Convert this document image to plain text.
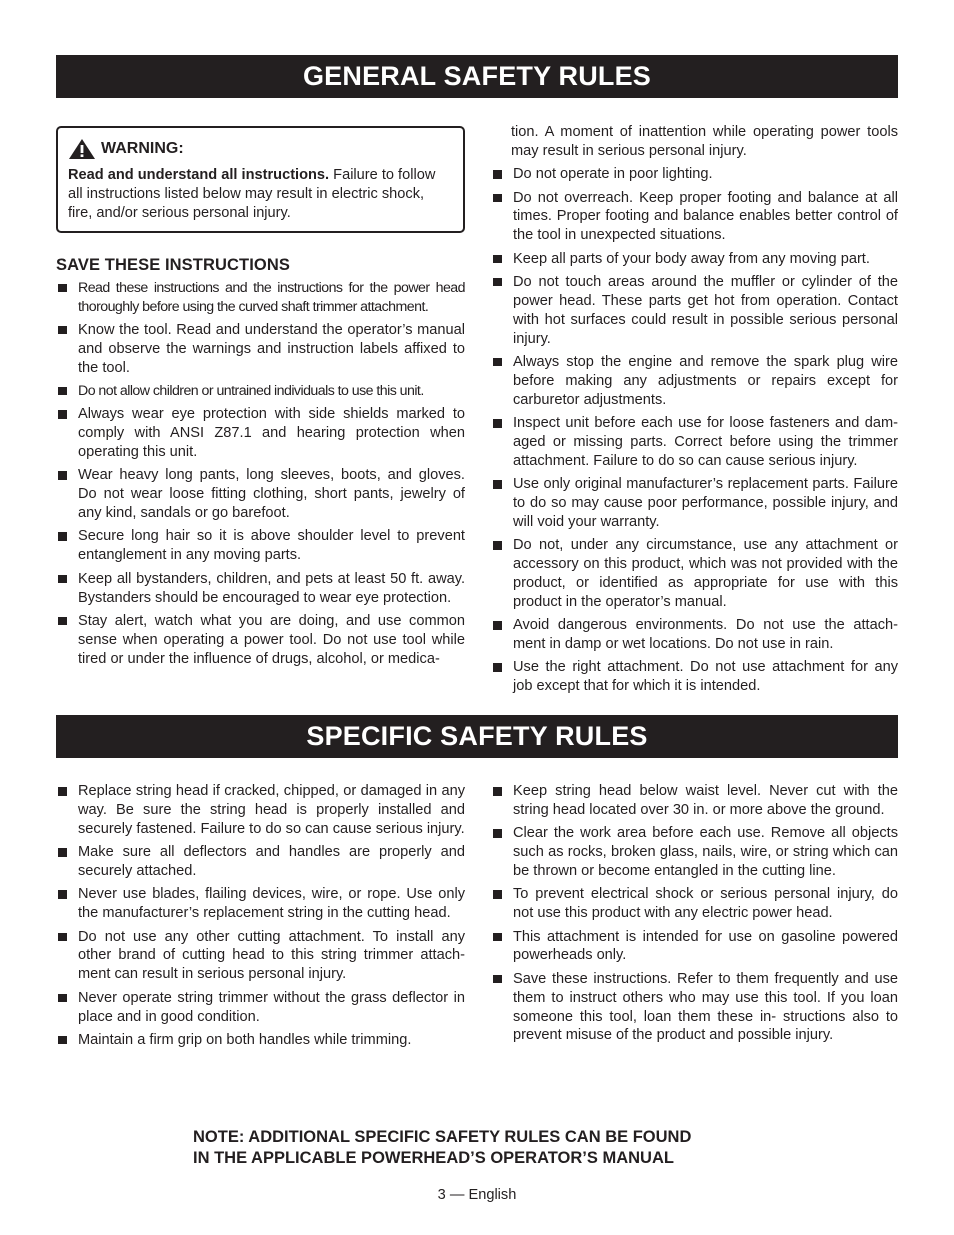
GENERAL SAFETY RULES
WARNING:
Read and understand all instructions. Failure to follow all instructions listed below may result in electric shock, fire, and/or serious personal injury.
SAVE THESE INSTRUCTIONS
Read these instructions and the instructions for the power head thoroughly before using the curved shaft trimmer attachment.
Know the tool. Read and understand the operator’s manual and observe the warnings and instruction labels affixed to the tool.
Do not allow children or untrained individuals to use this unit.
Always wear eye protection with side shields marked to comply with ANSI Z87.1 and hearing protection when operating this unit.
Wear heavy long pants, long sleeves, boots, and gloves. Do not wear loose fitting clothing, short pants, jewelry of any kind, sandals or go barefoot.
Secure long hair so it is above shoulder level to prevent entanglement in any moving parts.
Keep all bystanders, children, and pets at least 50 ft. away. Bystanders should be encouraged to wear eye protection.
Stay alert, watch what you are doing, and use common sense when operating a power tool. Do not use tool while tired or under the influence of drugs, alcohol, or medica-
tion. A moment of inattention while operating power tools may result in serious personal injury.
Do not operate in poor lighting.
Do not overreach. Keep proper footing and balance at all times. Proper footing and balance enables better control of the tool in unexpected situations.
Keep all parts of your body away from any moving part.
Do not touch areas around the muffler or cylinder of the power head. These parts get hot from operation. Contact with hot surfaces could result in possible serious personal injury.
Always stop the engine and remove the spark plug wire before making any adjustments or repairs except for carburetor adjustments.
Inspect unit before each use for loose fasteners and dam- aged or missing parts. Correct before using the trimmer attachment. Failure to do so can cause serious injury.
Use only original manufacturer’s replacement parts. Failure to do so may cause poor performance, possible injury, and will void your warranty.
Do not, under any circumstance, use any attachment or accessory on this product, which was not provided with the product, or identified as appropriate for use with this product in the operator’s manual.
Avoid dangerous environments. Do not use the attach- ment in damp or wet locations. Do not use in rain.
Use the right attachment. Do not use attachment for any job except that for which it is intended.
SPECIFIC SAFETY RULES
Replace string head if cracked, chipped, or damaged in any way. Be sure the string head is properly installed and securely fastened. Failure to do so can cause serious injury.
Make sure all deflectors and handles are properly and securely attached.
Never use blades, flailing devices, wire, or rope. Use only the manufacturer’s replacement string in the cutting head.
Do not use any other cutting attachment. To install any other brand of cutting head to this string trimmer attach- ment can result in serious personal injury.
Never operate string trimmer without the grass deflector in place and in good condition.
Maintain a firm grip on both handles while trimming.
Keep string head below waist level. Never cut with the string head located over 30 in. or more above the ground.
Clear the work area before each use. Remove all objects such as rocks, broken glass, nails, wire, or string which can be thrown or become entangled in the cutting line.
To prevent electrical shock or serious personal injury, do not use this product with any electric power head.
This attachment is intended for use on gasoline powered powerheads only.
Save these instructions. Refer to them frequently and use them to instruct others who may use this tool. If you loan someone this tool, loan them these in- structions also to prevent misuse of the product and possible injury.
NOTE: ADDITIONAL SPECIFIC SAFETY RULES CAN BE FOUND
IN THE APPLICABLE POWERHEAD’S OPERATOR’S MANUAL
3 — English
